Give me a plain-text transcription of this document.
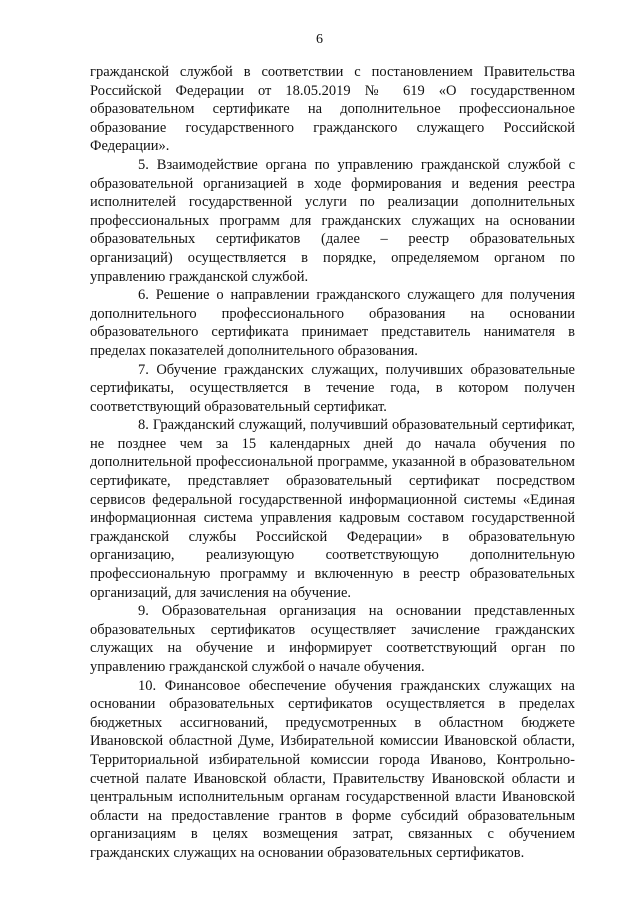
6

гражданской службой в соответствии с постановлением Правительства Российской Федерации от 18.05.2019 № 619 «О государственном образовательном сертификате на дополнительное профессиональное образование государственного гражданского служащего Российской Федерации».

5. Взаимодействие органа по управлению гражданской службой с образовательной организацией в ходе формирования и ведения реестра исполнителей государственной услуги по реализации дополнительных профессиональных программ для гражданских служащих на основании образовательных сертификатов (далее – реестр образовательных организаций) осуществляется в порядке, определяемом органом по управлению гражданской службой.

6. Решение о направлении гражданского служащего для получения дополнительного профессионального образования на основании образовательного сертификата принимает представитель нанимателя в пределах показателей дополнительного образования.

7. Обучение гражданских служащих, получивших образовательные сертификаты, осуществляется в течение года, в котором получен соответствующий образовательный сертификат.

8. Гражданский служащий, получивший образовательный сертификат, не позднее чем за 15 календарных дней до начала обучения по дополнительной профессиональной программе, указанной в образовательном сертификате, представляет образовательный сертификат посредством сервисов федеральной государственной информационной системы «Единая информационная система управления кадровым составом государственной гражданской службы Российской Федерации» в образовательную организацию, реализующую соответствующую дополнительную профессиональную программу и включенную в реестр образовательных организаций, для зачисления на обучение.

9. Образовательная организация на основании представленных образовательных сертификатов осуществляет зачисление гражданских служащих на обучение и информирует соответствующий орган по управлению гражданской службой о начале обучения.

10. Финансовое обеспечение обучения гражданских служащих на основании образовательных сертификатов осуществляется в пределах бюджетных ассигнований, предусмотренных в областном бюджете Ивановской областной Думе, Избирательной комиссии Ивановской области, Территориальной избирательной комиссии города Иваново, Контрольно-счетной палате Ивановской области, Правительству Ивановской области и центральным исполнительным органам государственной власти Ивановской области на предоставление грантов в форме субсидий образовательным организациям в целях возмещения затрат, связанных с обучением гражданских служащих на основании образовательных сертификатов.
